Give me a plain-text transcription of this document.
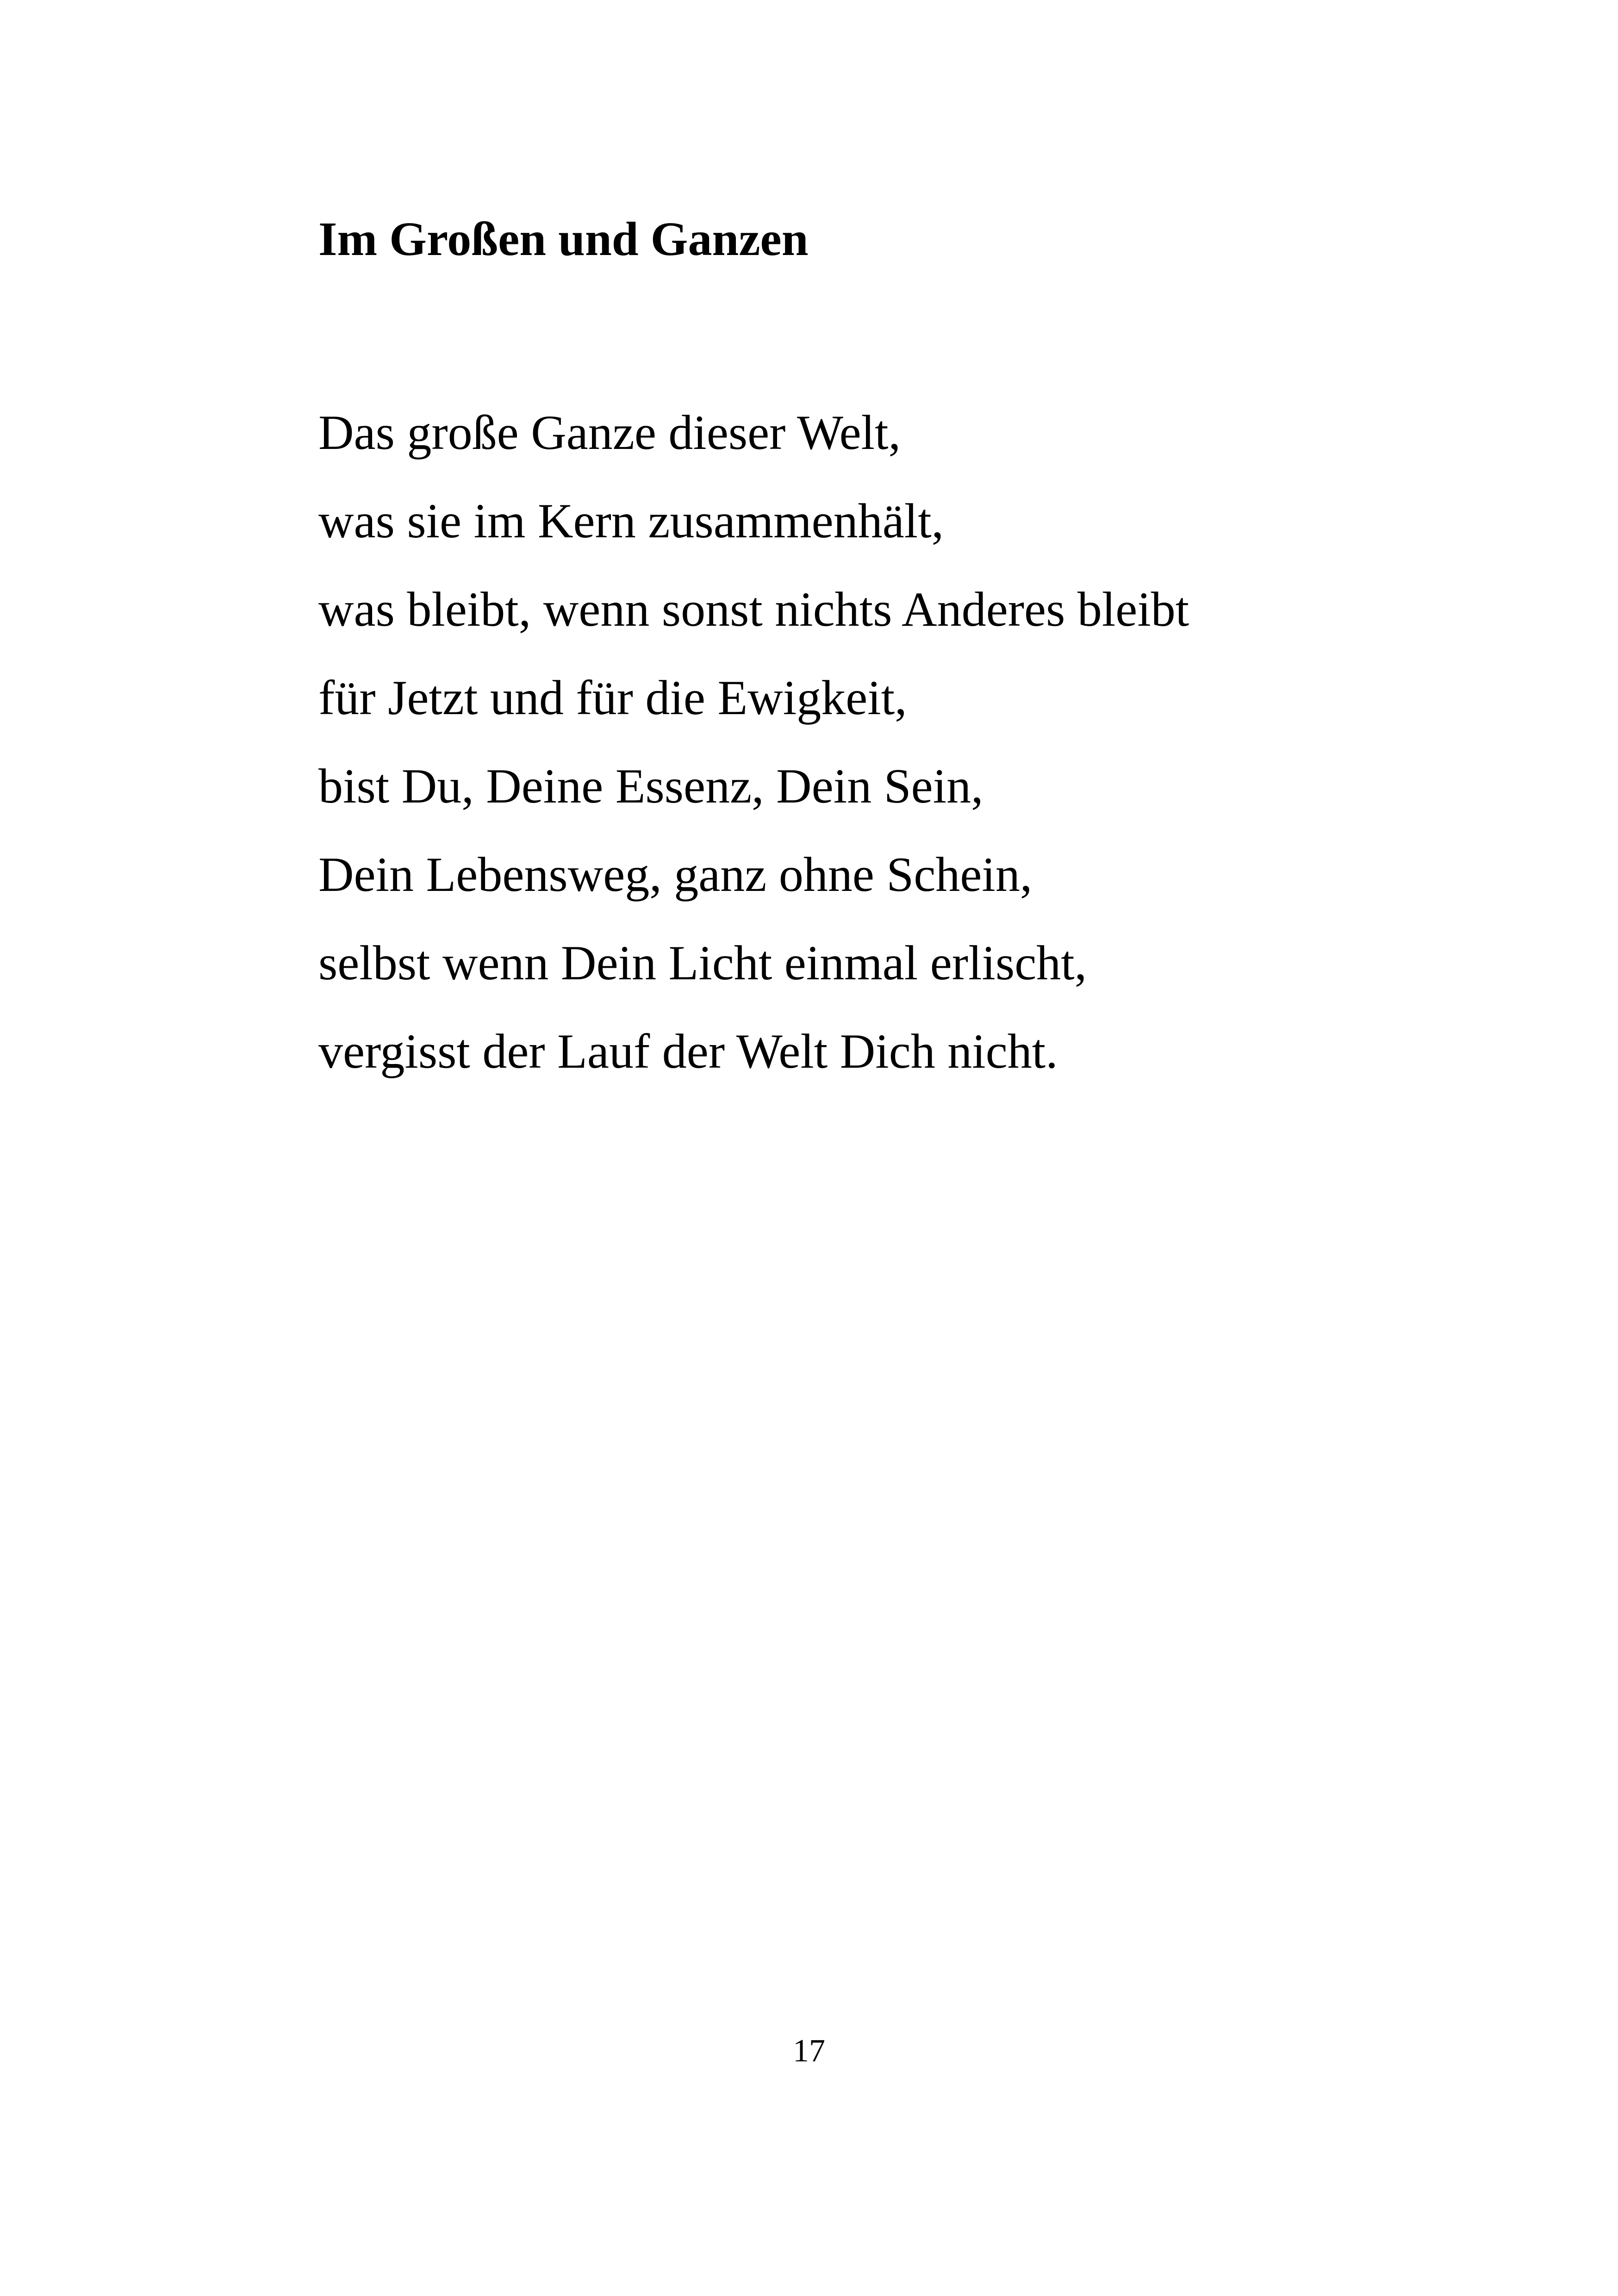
Im Großen und Ganzen
Das große Ganze dieser Welt,
was sie im Kern zusammenhält,
was bleibt, wenn sonst nichts Anderes bleibt
für Jetzt und für die Ewigkeit,
bist Du, Deine Essenz, Dein Sein,
Dein Lebensweg, ganz ohne Schein,
selbst wenn Dein Licht einmal erlischt,
vergisst der Lauf der Welt Dich nicht.
17
